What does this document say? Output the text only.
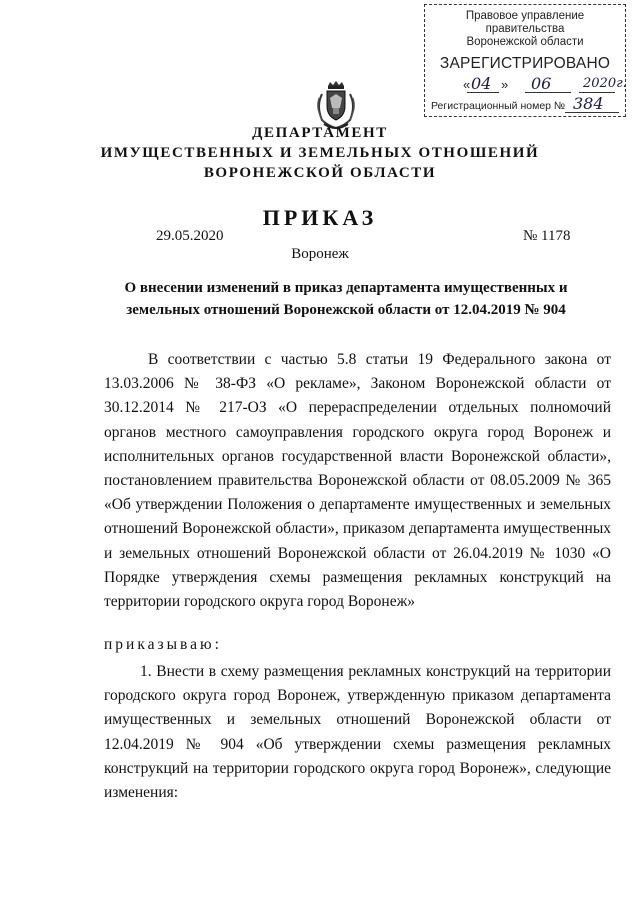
Правовое управление правительства
Воронежской области
ЗАРЕГИСТРИРОВАНО
« 04 » 06 2020г.
Регистрационный номер № 384
ДЕПАРТАМЕНТ
ИМУЩЕСТВЕННЫХ И ЗЕМЕЛЬНЫХ ОТНОШЕНИЙ
ВОРОНЕЖСКОЙ ОБЛАСТИ
ПРИКАЗ
29.05.2020	№ 1178
Воронеж
О внесении изменений в приказ департамента имущественных и земельных отношений Воронежской области от 12.04.2019 № 904

В соответствии с частью 5.8 статьи 19 Федерального закона от 13.03.2006 № 38-ФЗ «О рекламе», Законом Воронежской области от 30.12.2014 № 217-ОЗ «О перераспределении отдельных полномочий органов местного самоуправления городского округа город Воронеж и исполнительных органов государственной власти Воронежской области», постановлением правительства Воронежской области от 08.05.2009 № 365 «Об утверждении Положения о департаменте имущественных и земельных отношений Воронежской области», приказом департамента имущественных и земельных отношений Воронежской области от 26.04.2019 № 1030 «О Порядке утверждения схемы размещения рекламных конструкций на территории городского округа город Воронеж»

приказываю:

1. Внести в схему размещения рекламных конструкций на территории городского округа город Воронеж, утвержденную приказом департамента имущественных и земельных отношений Воронежской области от 12.04.2019 № 904 «Об утверждении схемы размещения рекламных конструкций на территории городского округа город Воронеж», следующие изменения:
